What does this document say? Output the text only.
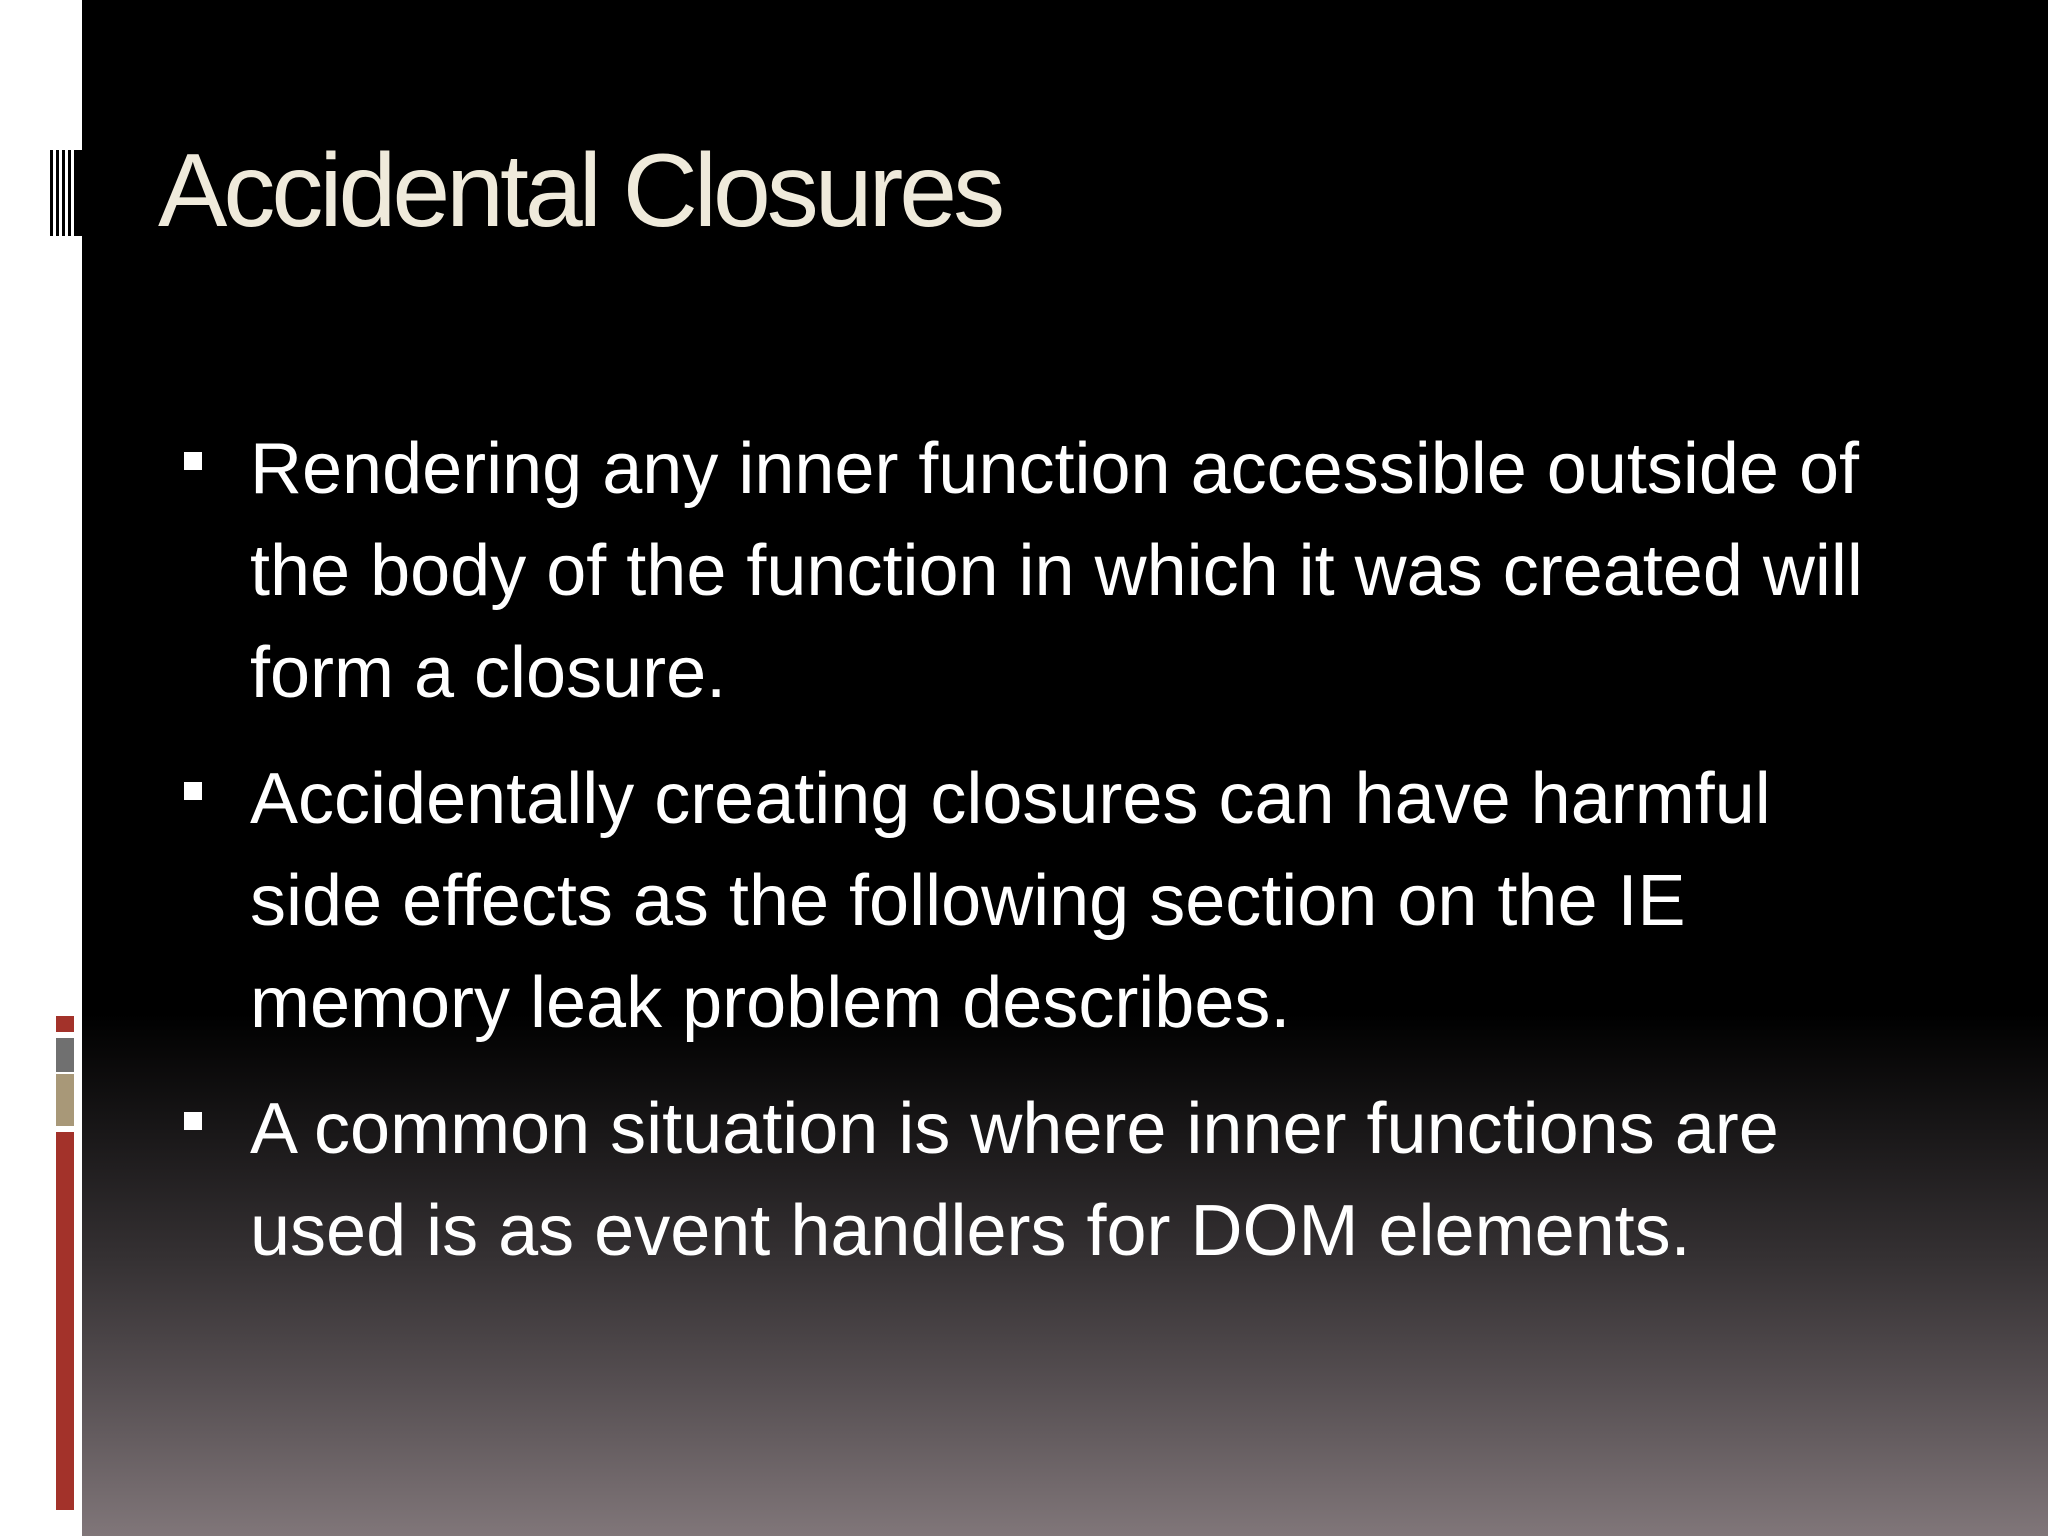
Accidental Closures
Rendering any inner function accessible outside of the body of the function in which it was created will form a closure.
Accidentally creating closures can have harmful side effects as the following section on the IE memory leak problem describes.
A common situation is where inner functions are used is as event handlers for DOM elements.
